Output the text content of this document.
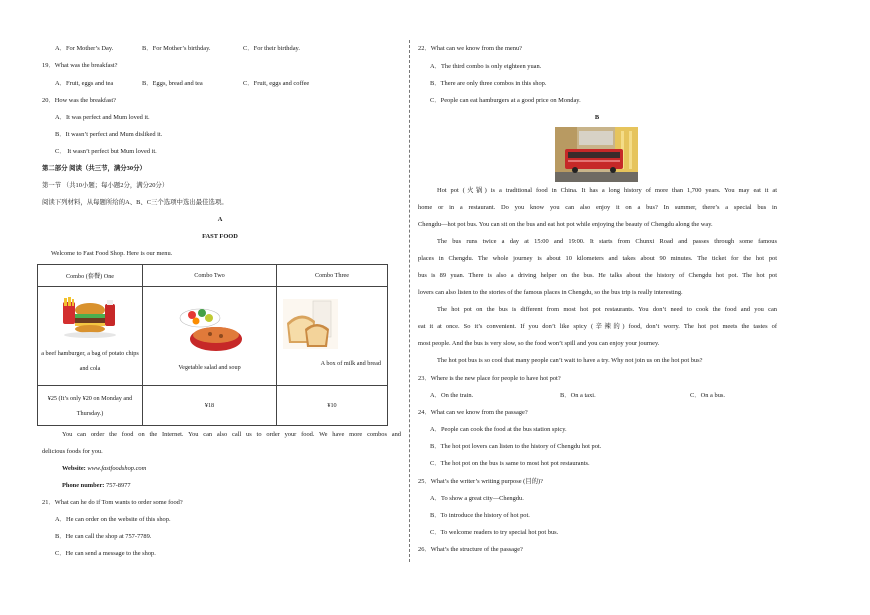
A．For Mother’s Day.	B．For Mother’s birthday.	C．For their birthday.
19．What was the breakfast?
A．Fruit, eggs and tea	B．Eggs, bread and tea	C．Fruit, eggs and coffee
20．How was the breakfast?
A．It was perfect and Mum loved it.
B．It wasn’t perfect and Mum disliked it.
C． It wasn’t perfect but Mum loved it.
第二部分 阅读（共三节，满分30分）
第一节 （共10小题；每小题2分，满分20分）
阅读下列材料，从每题所给的A、B、C三个选项中选出最佳选项。
A
FAST FOOD
Welcome to Fast Food Shop. Here is our menu.
Combo (套餐) One	Combo Two	Combo Three

a beef hamburger, a bag of potato chips and cola	Vegetable salad and soup	A box of milk and bread

¥25 (It’s only ¥20 on Monday and Thursday.)	¥18	¥10
You can order the food on the Internet. You can also call us to order your food. We have more combos and
delicious foods for you.
Website: www.fastfoodshop.com
Phone number: 757-8977
21．What can he do if Tom wants to order some food?
A．He can order on the website of this shop.
B．He can call the shop at 757-7789.
C．He can send a message to the shop.
22．What can we know from the menu?
A．The third combo is only eighteen yuan.
B．There are only three combos in this shop.
C．People can eat hamburgers at a good price on Monday.
B
Hot pot (火锅) is a traditional food in China. It has a long history of more than 1,700 years. You may eat it at
home or in a restaurant. Do you know you can also enjoy it on a bus? In summer, there’s a special bus in
Chengdu—hot pot bus. You can sit on the bus and eat hot pot while enjoying the beauty of Chengdu along the way.
The bus runs twice a day at 15:00 and 19:00. It starts from Chunxi Road and passes through some famous
places in Chengdu. The whole journey is about 10 kilometers and takes about 90 minutes. The ticket for the hot pot
bus is 89 yuan. There is also a driving helper on the bus. He talks about the history of Chengdu hot pot. The hot pot
lovers can also listen to the stories of the famous places in Chengdu, so the bus trip is really interesting.
The hot pot on the bus is different from most hot pot restaurants. You don’t need to cook the food and you can
eat it at once. So it’s convenient. If you don’t like spicy (辛辣的) food, don’t worry. The hot pot meets the tastes of
most people. And the bus is very slow, so the food won’t spill and you can enjoy your journey.
The hot pot bus is so cool that many people can’t wait to have a try. Why not join us on the hot pot bus?
23．Where is the new place for people to have hot pot?
A．On the train.	B．On a taxi.	C．On a bus.
24．What can we know from the passage?
A．People can cook the food at the bus station spicy.
B．The hot pot lovers can listen to the history of Chengdu hot pot.
C．The hot pot on the bus is same to most hot pot restaurants.
25．What’s the writer’s writing purpose (目的)?
A．To show a great city—Chengdu.
B．To introduce the history of hot pot.
C．To welcome readers to try special hot pot bus.
26．What’s the structure of the passage?
